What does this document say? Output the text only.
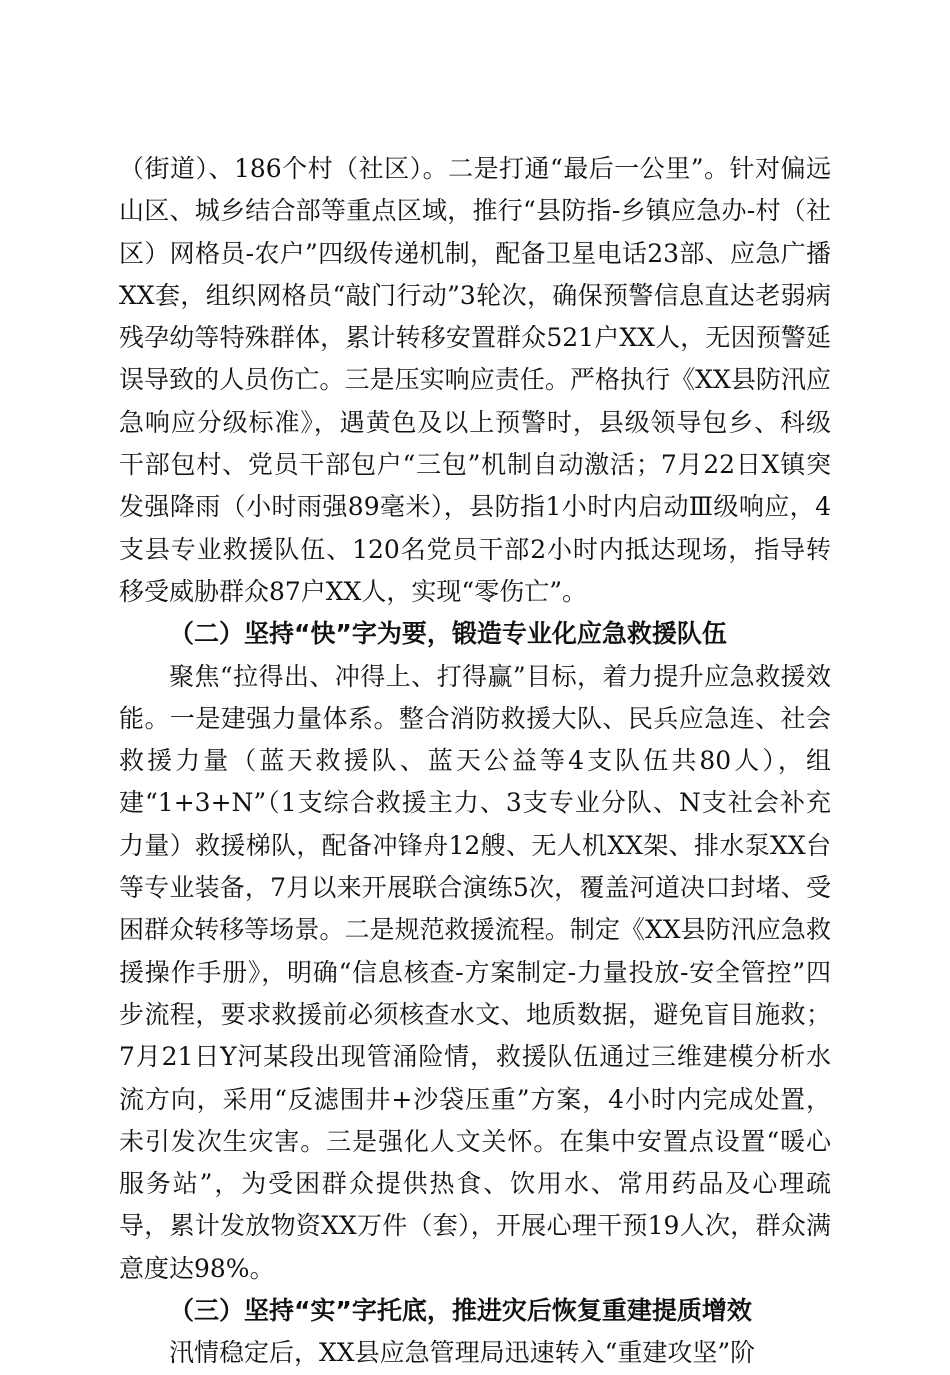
（街道）、186个村（社区）。二是打通“最后一公里”。针对偏远山区、城乡结合部等重点区域，推行“县防指-乡镇应急办-村（社区）网格员-农户”四级传递机制，配备卫星电话23部、应急广播XX套，组织网格员“敲门行动”3轮次，确保预警信息直达老弱病残孕幼等特殊群体，累计转移安置群众521户XX人，无因预警延误导致的人员伤亡。三是压实响应责任。严格执行《XX县防汛应急响应分级标准》，遇黄色及以上预警时，县级领导包乡、科级干部包村、党员干部包户“三包”机制自动激活；7月22日X镇突发强降雨（小时雨强89毫米），县防指1小时内启动Ⅲ级响应，4支县专业救援队伍、120名党员干部2小时内抵达现场，指导转移受威胁群众87户XX人，实现“零伤亡”。

（二）坚持“快”字为要，锻造专业化应急救援队伍

聚焦“拉得出、冲得上、打得赢”目标，着力提升应急救援效能。一是建强力量体系。整合消防救援大队、民兵应急连、社会救援力量（蓝天救援队、蓝天公益等4支队伍共80人），组建“1+3+N”（1支综合救援主力、3支专业分队、N支社会补充力量）救援梯队，配备冲锋舟12艘、无人机XX架、排水泵XX台等专业装备，7月以来开展联合演练5次，覆盖河道决口封堵、受困群众转移等场景。二是规范救援流程。制定《XX县防汛应急救援操作手册》，明确“信息核查-方案制定-力量投放-安全管控”四步流程，要求救援前必须核查水文、地质数据，避免盲目施救；7月21日Y河某段出现管涌险情，救援队伍通过三维建模分析水流方向，采用“反滤围井+沙袋压重”方案，4小时内完成处置，未引发次生灾害。三是强化人文关怀。在集中安置点设置“暖心服务站”，为受困群众提供热食、饮用水、常用药品及心理疏导，累计发放物资XX万件（套），开展心理干预19人次，群众满意度达98%。

（三）坚持“实”字托底，推进灾后恢复重建提质增效

汛情稳定后，XX县应急管理局迅速转入“重建攻坚”阶
